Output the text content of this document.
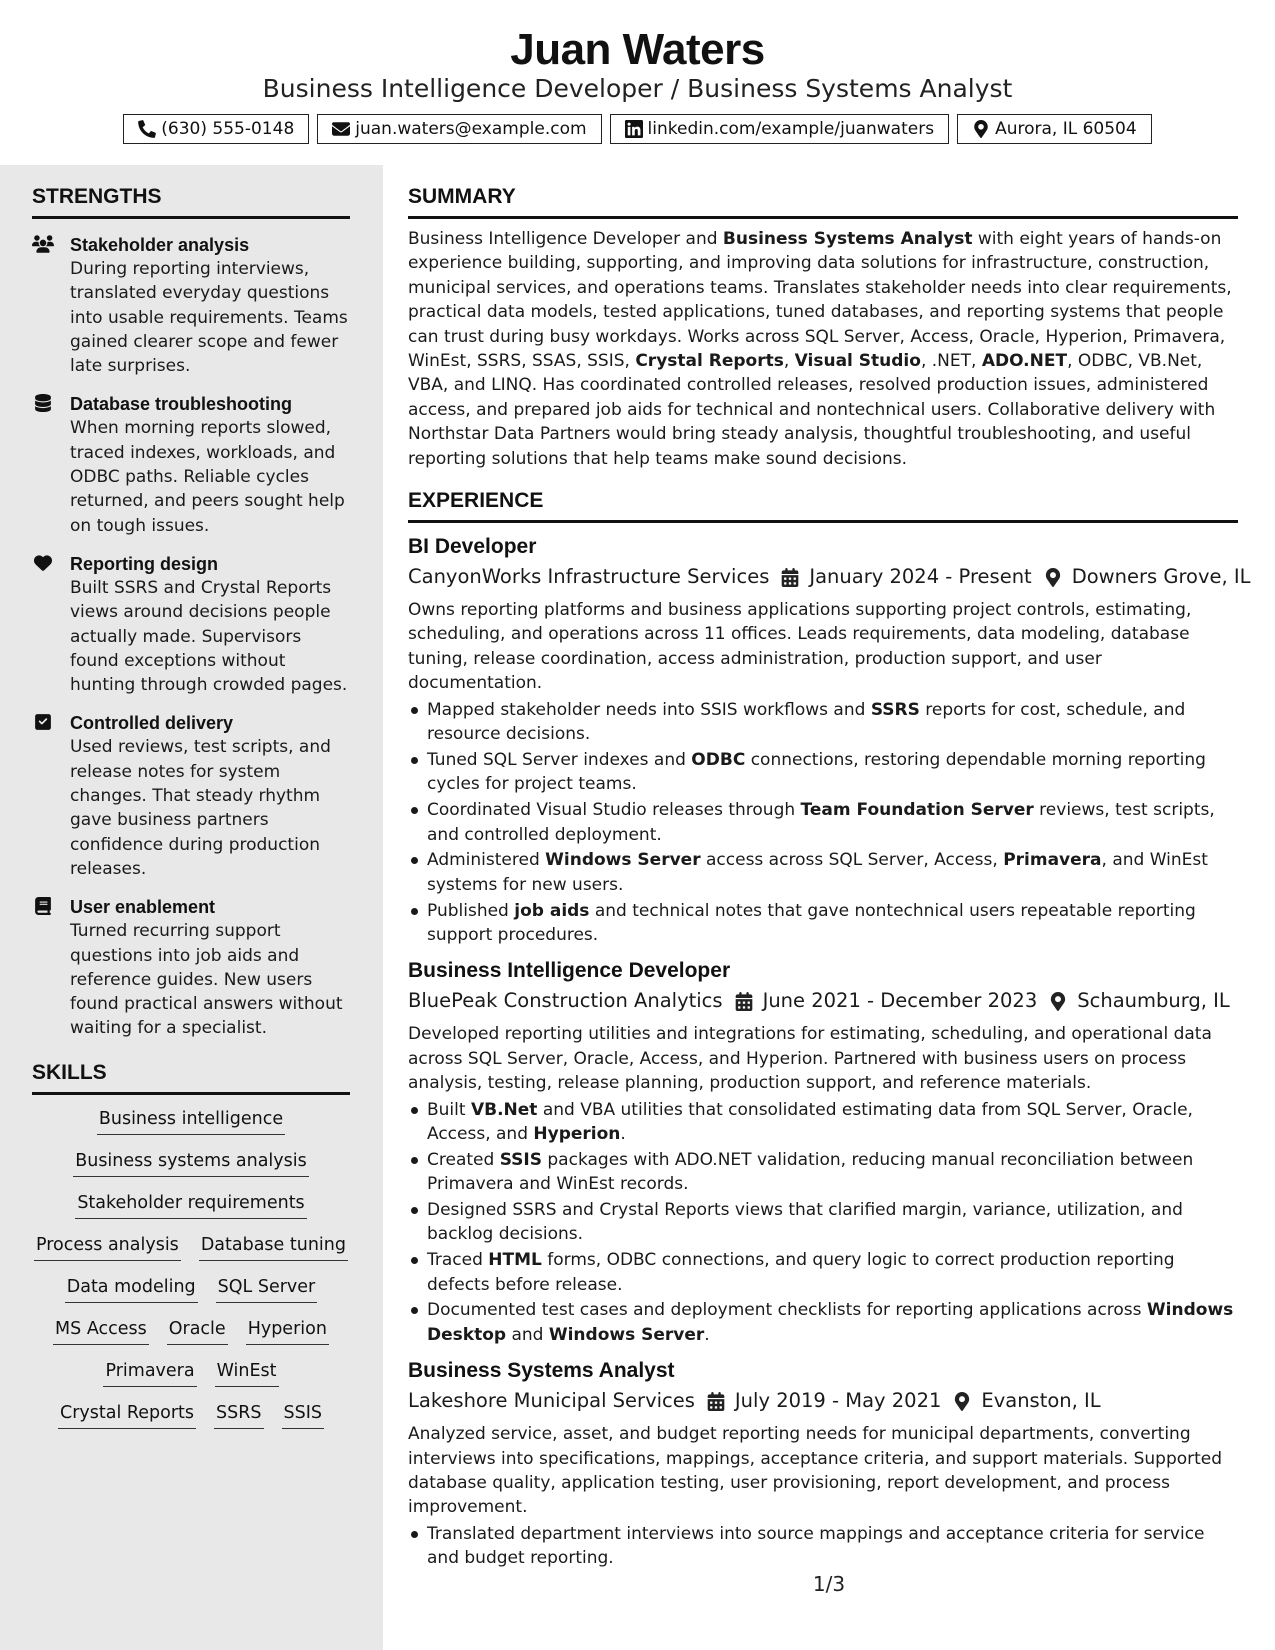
Juan Waters
Business Intelligence Developer / Business Systems Analyst
(630) 555-0148	juan.waters@example.com	linkedin.com/example/juanwaters	Aurora, IL 60504
STRENGTHS
Stakeholder analysis
During reporting interviews, translated everyday questions into usable requirements. Teams gained clearer scope and fewer late surprises.
Database troubleshooting
When morning reports slowed, traced indexes, workloads, and ODBC paths. Reliable cycles returned, and peers sought help on tough issues.
Reporting design
Built SSRS and Crystal Reports views around decisions people actually made. Supervisors found exceptions without hunting through crowded pages.
Controlled delivery
Used reviews, test scripts, and release notes for system changes. That steady rhythm gave business partners confidence during production releases.
User enablement
Turned recurring support questions into job aids and reference guides. New users found practical answers without waiting for a specialist.
SKILLS
Business intelligence
Business systems analysis
Stakeholder requirements
Process analysis Database tuning
Data modeling SQL Server
MS Access Oracle Hyperion
Primavera WinEst
Crystal Reports SSRS SSIS
SUMMARY
Business Intelligence Developer and Business Systems Analyst with eight years of hands-on experience building, supporting, and improving data solutions for infrastructure, construction, municipal services, and operations teams. Translates stakeholder needs into clear requirements, practical data models, tested applications, tuned databases, and reporting systems that people can trust during busy workdays. Works across SQL Server, Access, Oracle, Hyperion, Primavera, WinEst, SSRS, SSAS, SSIS, Crystal Reports, Visual Studio, .NET, ADO.NET, ODBC, VB.Net, VBA, and LINQ. Has coordinated controlled releases, resolved production issues, administered access, and prepared job aids for technical and nontechnical users. Collaborative delivery with Northstar Data Partners would bring steady analysis, thoughtful troubleshooting, and useful reporting solutions that help teams make sound decisions.
EXPERIENCE
BI Developer
CanyonWorks Infrastructure Services January 2024 - Present Downers Grove, IL
Owns reporting platforms and business applications supporting project controls, estimating, scheduling, and operations across 11 offices. Leads requirements, data modeling, database tuning, release coordination, access administration, production support, and user documentation.
Mapped stakeholder needs into SSIS workflows and SSRS reports for cost, schedule, and resource decisions.
Tuned SQL Server indexes and ODBC connections, restoring dependable morning reporting cycles for project teams.
Coordinated Visual Studio releases through Team Foundation Server reviews, test scripts, and controlled deployment.
Administered Windows Server access across SQL Server, Access, Primavera, and WinEst systems for new users.
Published job aids and technical notes that gave nontechnical users repeatable reporting support procedures.
Business Intelligence Developer
BluePeak Construction Analytics June 2021 - December 2023 Schaumburg, IL
Developed reporting utilities and integrations for estimating, scheduling, and operational data across SQL Server, Oracle, Access, and Hyperion. Partnered with business users on process analysis, testing, release planning, production support, and reference materials.
Built VB.Net and VBA utilities that consolidated estimating data from SQL Server, Oracle, Access, and Hyperion.
Created SSIS packages with ADO.NET validation, reducing manual reconciliation between Primavera and WinEst records.
Designed SSRS and Crystal Reports views that clarified margin, variance, utilization, and backlog decisions.
Traced HTML forms, ODBC connections, and query logic to correct production reporting defects before release.
Documented test cases and deployment checklists for reporting applications across Windows Desktop and Windows Server.
Business Systems Analyst
Lakeshore Municipal Services July 2019 - May 2021 Evanston, IL
Analyzed service, asset, and budget reporting needs for municipal departments, converting interviews into specifications, mappings, acceptance criteria, and support materials. Supported database quality, application testing, user provisioning, report development, and process improvement.
Translated department interviews into source mappings and acceptance criteria for service and budget reporting.
1/3
